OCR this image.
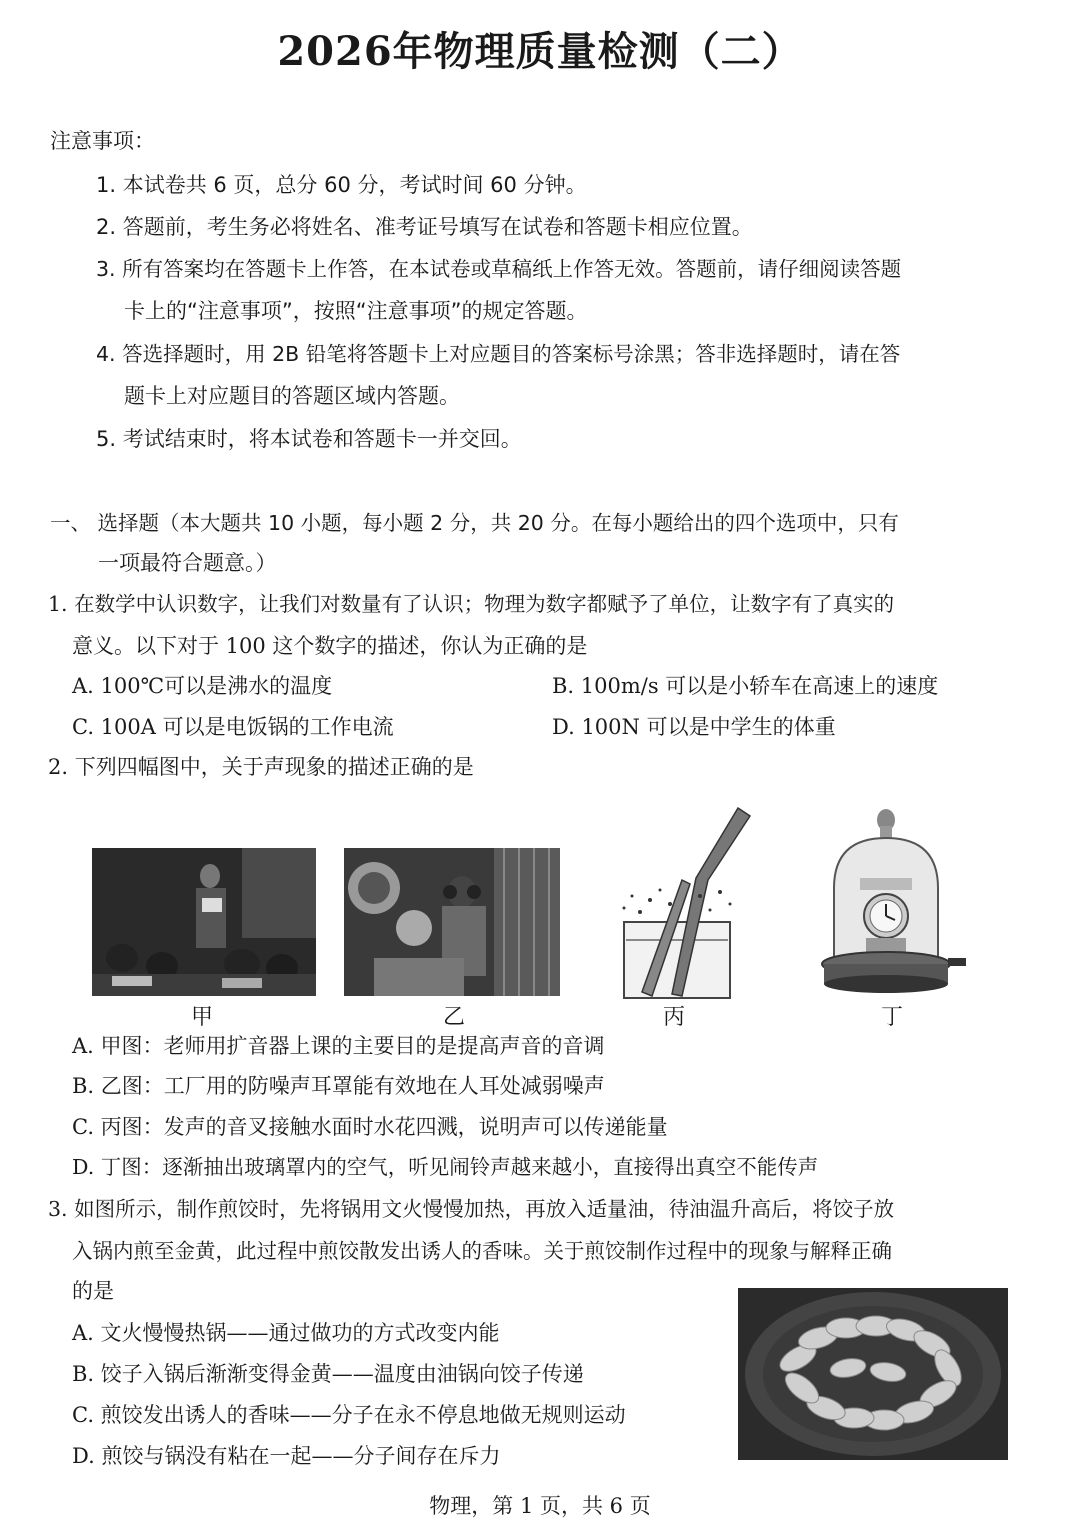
2026年物理质量检测（二）
注意事项：
1. 本试卷共 6 页，总分 60 分，考试时间 60 分钟。
2. 答题前，考生务必将姓名、准考证号填写在试卷和答题卡相应位置。
3. 所有答案均在答题卡上作答，在本试卷或草稿纸上作答无效。答题前，请仔细阅读答题
卡上的“注意事项”，按照“注意事项”的规定答题。
4. 答选择题时，用 2B 铅笔将答题卡上对应题目的答案标号涂黑；答非选择题时，请在答
题卡上对应题目的答题区域内答题。
5. 考试结束时，将本试卷和答题卡一并交回。
一、 选择题（本大题共 10 小题，每小题 2 分，共 20 分。在每小题给出的四个选项中，只有
一项最符合题意。）
1. 在数学中认识数字，让我们对数量有了认识；物理为数字都赋予了单位，让数字有了真实的
意义。以下对于 100 这个数字的描述，你认为正确的是
A. 100℃可以是沸水的温度	B. 100m/s 可以是小轿车在高速上的速度
C. 100A 可以是电饭锅的工作电流	D. 100N 可以是中学生的体重
2. 下列四幅图中，关于声现象的描述正确的是
甲	乙	丙	丁
A. 甲图：老师用扩音器上课的主要目的是提高声音的音调
B. 乙图：工厂用的防噪声耳罩能有效地在人耳处减弱噪声
C. 丙图：发声的音叉接触水面时水花四溅，说明声可以传递能量
D. 丁图：逐渐抽出玻璃罩内的空气，听见闹铃声越来越小，直接得出真空不能传声
3. 如图所示，制作煎饺时，先将锅用文火慢慢加热，再放入适量油，待油温升高后，将饺子放
入锅内煎至金黄，此过程中煎饺散发出诱人的香味。关于煎饺制作过程中的现象与解释正确
的是
A. 文火慢慢热锅——通过做功的方式改变内能
B. 饺子入锅后渐渐变得金黄——温度由油锅向饺子传递
C. 煎饺发出诱人的香味——分子在永不停息地做无规则运动
D. 煎饺与锅没有粘在一起——分子间存在斥力
物理，第 1 页，共 6 页
